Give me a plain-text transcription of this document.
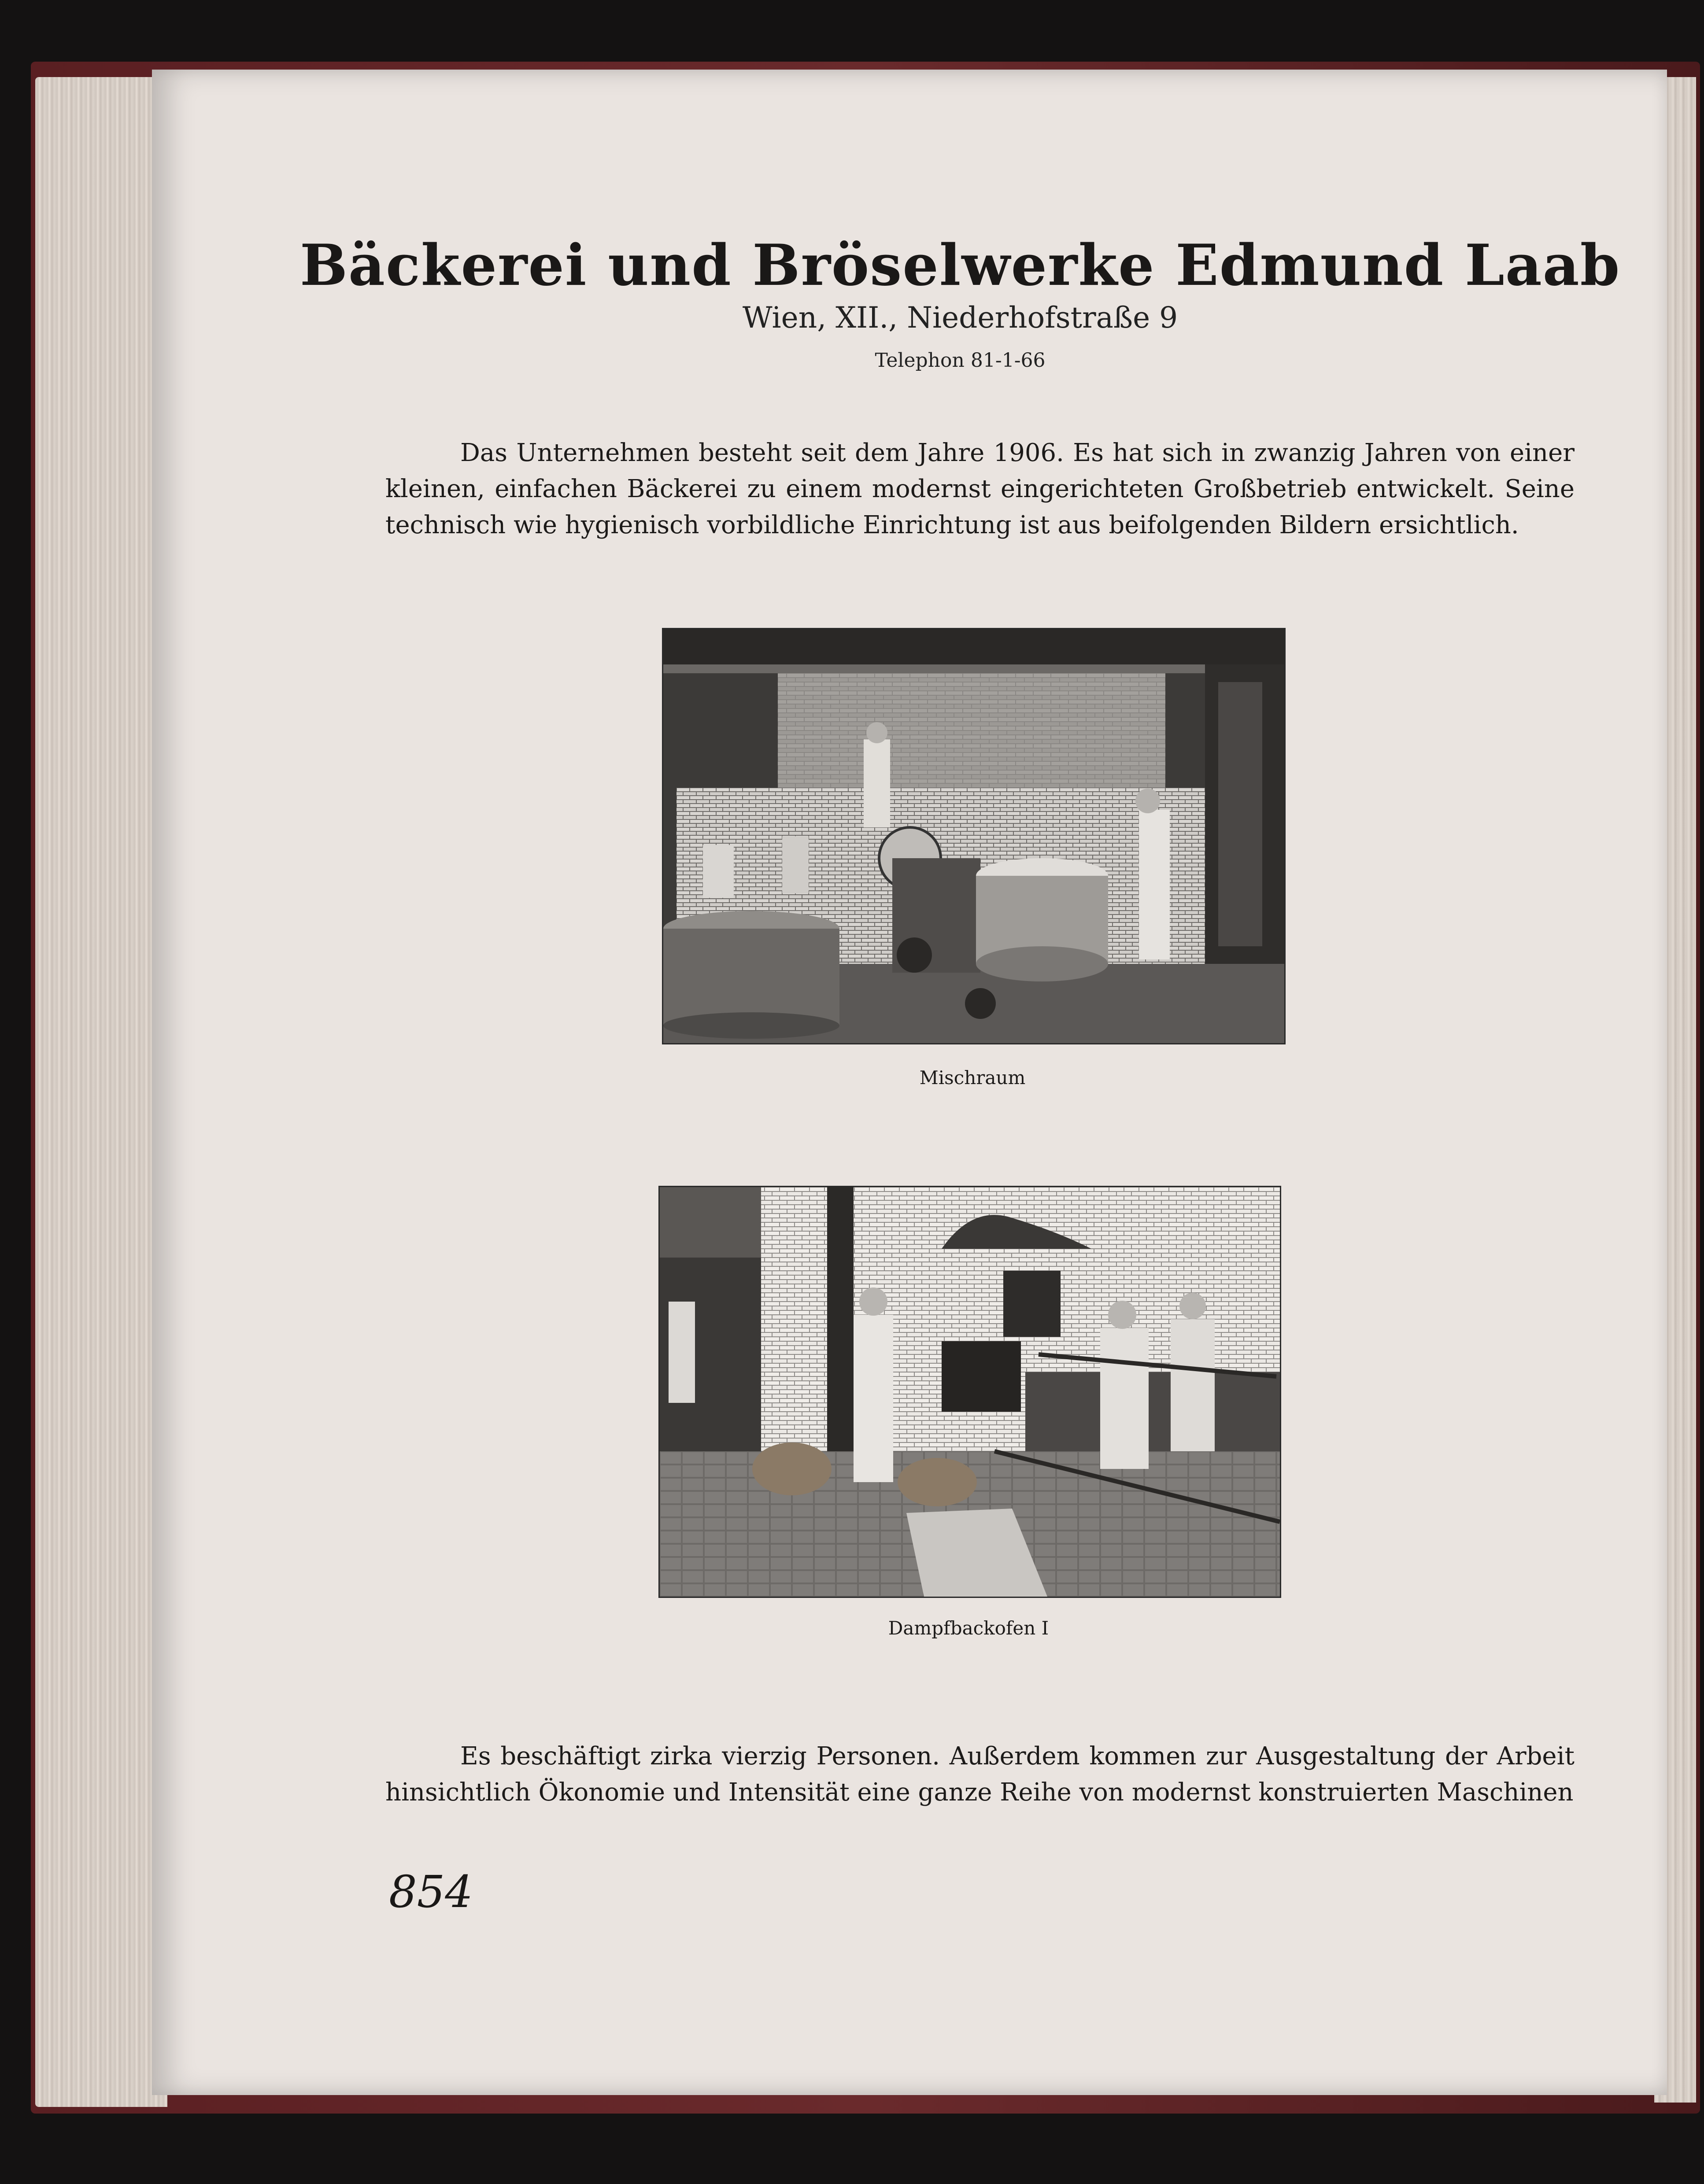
Bäckerei und Bröselwerke Edmund Laab
Wien, XII., Niederhofstraße 9
Telephon 81-1-66
Das Unternehmen besteht seit dem Jahre 1906. Es hat sich in zwanzig Jahren von einer kleinen, einfachen Bäckerei zu einem modernst eingerichteten Großbetrieb entwickelt. Seine technisch wie hygienisch vorbildliche Einrichtung ist aus beifolgenden Bildern ersichtlich.
Mischraum
Dampfbackofen I
Es beschäftigt zirka vierzig Personen. Außerdem kommen zur Ausgestaltung der Arbeit hinsichtlich Ökonomie und Intensität eine ganze Reihe von modernst konstruierten Maschinen
854
